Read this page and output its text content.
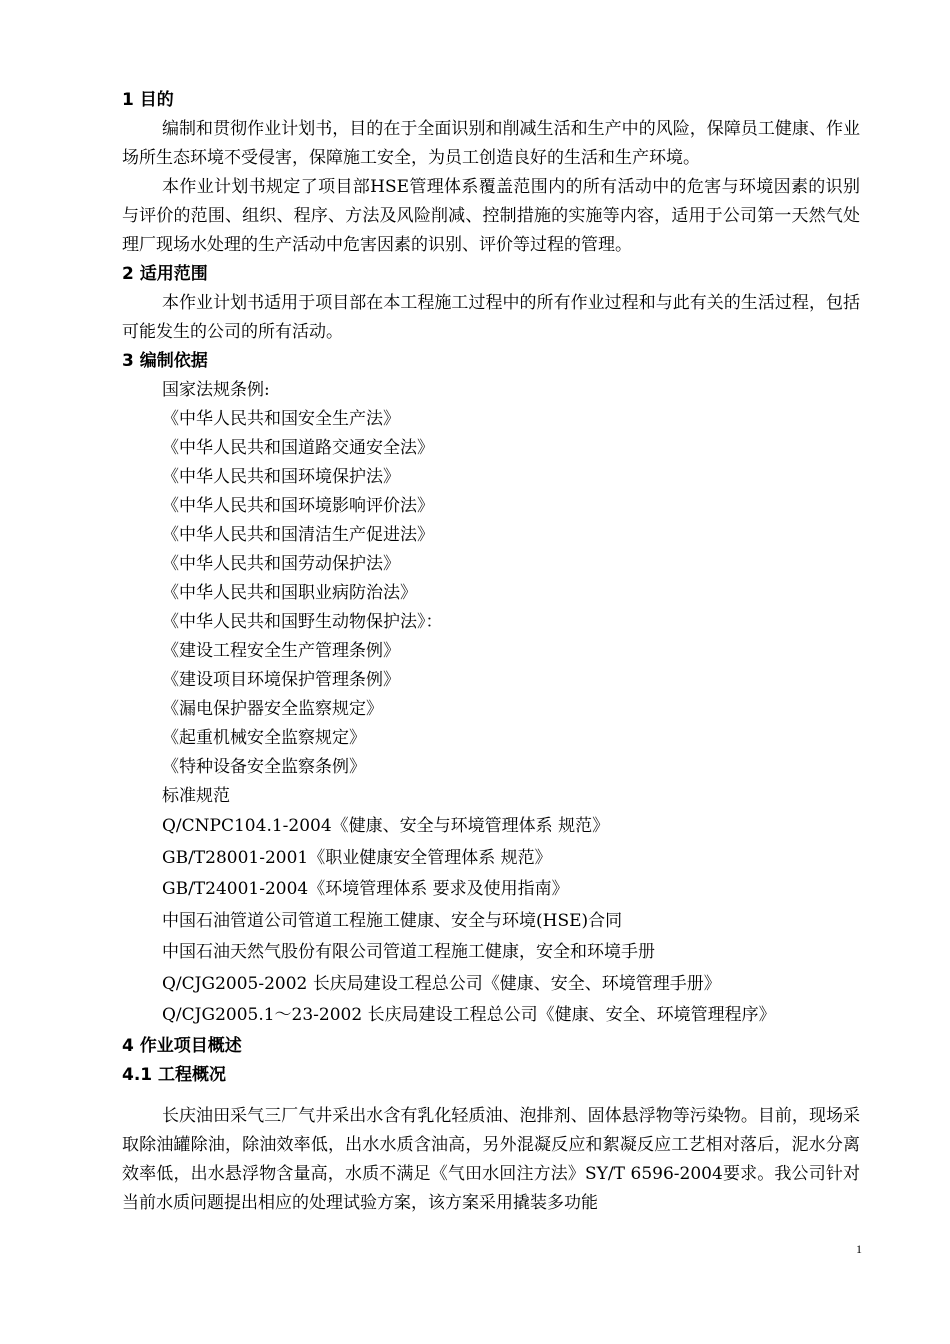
1 目的

编制和贯彻作业计划书，目的在于全面识别和削减生活和生产中的风险，保障员工健康、作业场所生态环境不受侵害，保障施工安全，为员工创造良好的生活和生产环境。

本作业计划书规定了项目部HSE管理体系覆盖范围内的所有活动中的危害与环境因素的识别与评价的范围、组织、程序、方法及风险削减、控制措施的实施等内容，适用于公司第一天然气处理厂现场水处理的生产活动中危害因素的识别、评价等过程的管理。

2 适用范围

本作业计划书适用于项目部在本工程施工过程中的所有作业过程和与此有关的生活过程，包括可能发生的公司的所有活动。

3 编制依据

国家法规条例:

《中华人民共和国安全生产法》

《中华人民共和国道路交通安全法》

《中华人民共和国环境保护法》

《中华人民共和国环境影响评价法》

《中华人民共和国清洁生产促进法》

《中华人民共和国劳动保护法》

《中华人民共和国职业病防治法》

《中华人民共和国野生动物保护法》：

《建设工程安全生产管理条例》

《建设项目环境保护管理条例》

《漏电保护器安全监察规定》

《起重机械安全监察规定》

《特种设备安全监察条例》

标准规范

Q/CNPC104.1-2004《健康、安全与环境管理体系 规范》

GB/T28001-2001《职业健康安全管理体系 规范》

GB/T24001-2004《环境管理体系 要求及使用指南》

中国石油管道公司管道工程施工健康、安全与环境(HSE)合同

中国石油天然气股份有限公司管道工程施工健康，安全和环境手册

Q/CJG2005-2002 长庆局建设工程总公司《健康、安全、环境管理手册》

Q/CJG2005.1～23-2002 长庆局建设工程总公司《健康、安全、环境管理程序》

4 作业项目概述

4.1 工程概况

长庆油田采气三厂气井采出水含有乳化轻质油、泡排剂、固体悬浮物等污染物。目前，现场采取除油罐除油，除油效率低，出水水质含油高，另外混凝反应和絮凝反应工艺相对落后，泥水分离效率低，出水悬浮物含量高，水质不满足《气田水回注方法》SY/T 6596-2004要求。我公司针对当前水质问题提出相应的处理试验方案，该方案采用撬装多功能

1
